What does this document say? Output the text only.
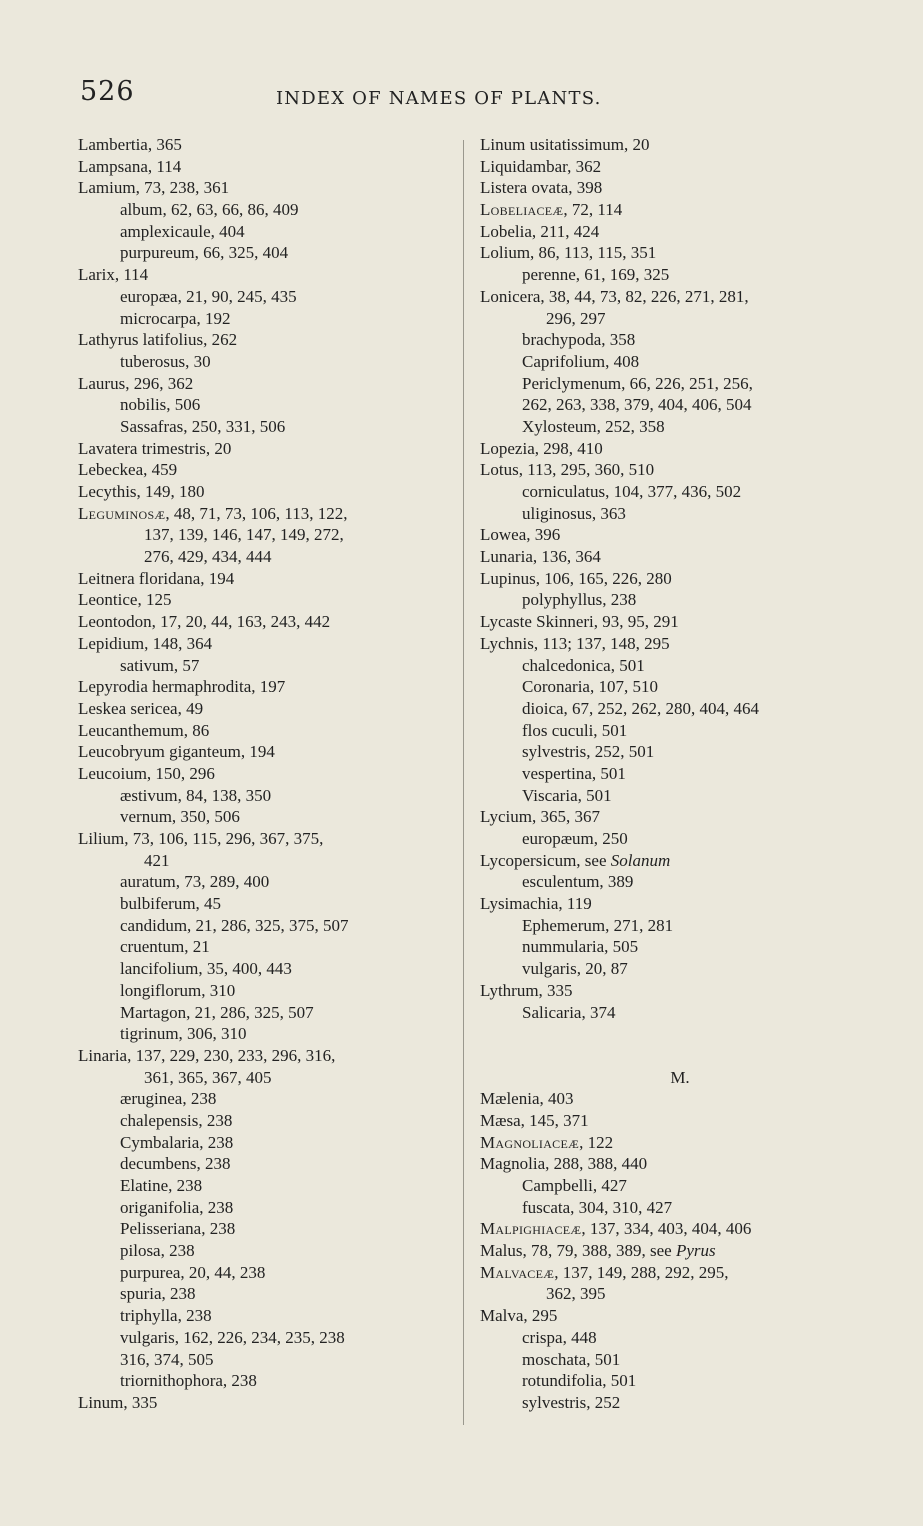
526	INDEX OF NAMES OF PLANTS.
Lambertia, 365
Lampsana, 114
Lamium, 73, 238, 361
album, 62, 63, 66, 86, 409
amplexicaule, 404
purpureum, 66, 325, 404
Larix, 114
europæa, 21, 90, 245, 435
microcarpa, 192
Lathyrus latifolius, 262
tuberosus, 30
Laurus, 296, 362
nobilis, 506
Sassafras, 250, 331, 506
Lavatera trimestris, 20
Lebeckea, 459
Lecythis, 149, 180
Leguminosæ, 48, 71, 73, 106, 113, 122,
137, 139, 146, 147, 149, 272,
276, 429, 434, 444
Leitnera floridana, 194
Leontice, 125
Leontodon, 17, 20, 44, 163, 243, 442
Lepidium, 148, 364
sativum, 57
Lepyrodia hermaphrodita, 197
Leskea sericea, 49
Leucanthemum, 86
Leucobryum giganteum, 194
Leucoium, 150, 296
æstivum, 84, 138, 350
vernum, 350, 506
Lilium, 73, 106, 115, 296, 367, 375,
421
auratum, 73, 289, 400
bulbiferum, 45
candidum, 21, 286, 325, 375, 507
cruentum, 21
lancifolium, 35, 400, 443
longiflorum, 310
Martagon, 21, 286, 325, 507
tigrinum, 306, 310
Linaria, 137, 229, 230, 233, 296, 316,
361, 365, 367, 405
æruginea, 238
chalepensis, 238
Cymbalaria, 238
decumbens, 238
Elatine, 238
origanifolia, 238
Pelisseriana, 238
pilosa, 238
purpurea, 20, 44, 238
spuria, 238
triphylla, 238
vulgaris, 162, 226, 234, 235, 238
316, 374, 505
triornithophora, 238
Linum, 335
Linum usitatissimum, 20
Liquidambar, 362
Listera ovata, 398
Lobeliaceæ, 72, 114
Lobelia, 211, 424
Lolium, 86, 113, 115, 351
perenne, 61, 169, 325
Lonicera, 38, 44, 73, 82, 226, 271, 281,
296, 297
brachypoda, 358
Caprifolium, 408
Periclymenum, 66, 226, 251, 256,
262, 263, 338, 379, 404, 406, 504
Xylosteum, 252, 358
Lopezia, 298, 410
Lotus, 113, 295, 360, 510
corniculatus, 104, 377, 436, 502
uliginosus, 363
Lowea, 396
Lunaria, 136, 364
Lupinus, 106, 165, 226, 280
polyphyllus, 238
Lycaste Skinneri, 93, 95, 291
Lychnis, 113; 137, 148, 295
chalcedonica, 501
Coronaria, 107, 510
dioica, 67, 252, 262, 280, 404, 464
flos cuculi, 501
sylvestris, 252, 501
vespertina, 501
Viscaria, 501
Lycium, 365, 367
europæum, 250
Lycopersicum, see Solanum
esculentum, 389
Lysimachia, 119
Ephemerum, 271, 281
nummularia, 505
vulgaris, 20, 87
Lythrum, 335
Salicaria, 374
M.
Mælenia, 403
Mæsa, 145, 371
Magnoliaceæ, 122
Magnolia, 288, 388, 440
Campbelli, 427
fuscata, 304, 310, 427
Malpighiaceæ, 137, 334, 403, 404, 406
Malus, 78, 79, 388, 389, see Pyrus
Malvaceæ, 137, 149, 288, 292, 295,
362, 395
Malva, 295
crispa, 448
moschata, 501
rotundifolia, 501
sylvestris, 252
